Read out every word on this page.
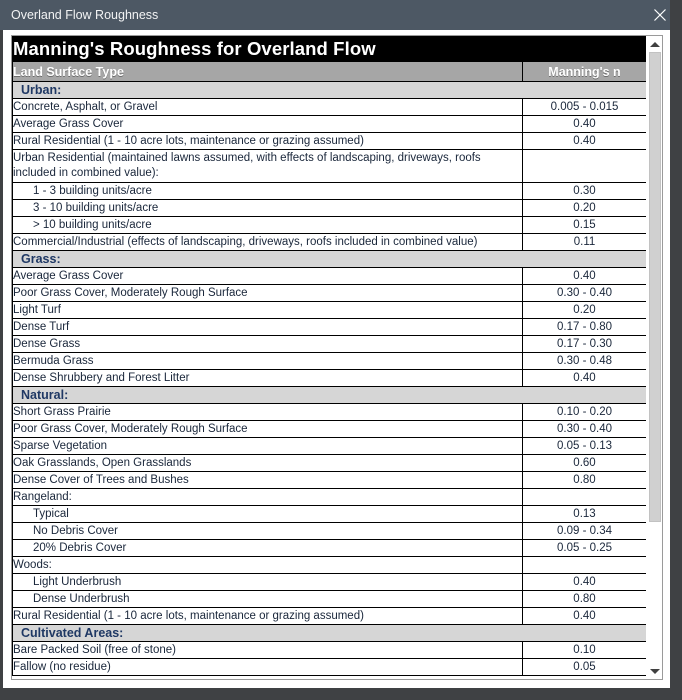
Overland Flow Roughness
Manning's Roughness for Overland Flow	
Land Surface Type	Manning's n
Urban:	
Concrete, Asphalt, or Gravel	0.005 - 0.015
Average Grass Cover	0.40
Rural Residential (1 - 10 acre lots, maintenance or grazing assumed)	0.40
Urban Residential (maintained lawns assumed, with effects of landscaping, driveways, roofs included in combined value):	
1 - 3 building units/acre	0.30
3 - 10 building units/acre	0.20
> 10 building units/acre	0.15
Commercial/Industrial (effects of landscaping, driveways, roofs included in combined value)	0.11
Grass:	
Average Grass Cover	0.40
Poor Grass Cover, Moderately Rough Surface	0.30 - 0.40
Light Turf	0.20
Dense Turf	0.17 - 0.80
Dense Grass	0.17 - 0.30
Bermuda Grass	0.30 - 0.48
Dense Shrubbery and Forest Litter	0.40
Natural:	
Short Grass Prairie	0.10 - 0.20
Poor Grass Cover, Moderately Rough Surface	0.30 - 0.40
Sparse Vegetation	0.05 - 0.13
Oak Grasslands, Open Grasslands	0.60
Dense Cover of Trees and Bushes	0.80
Rangeland:	
Typical	0.13
No Debris Cover	0.09 - 0.34
20% Debris Cover	0.05 - 0.25
Woods:	
Light Underbrush	0.40
Dense Underbrush	0.80
Rural Residential (1 - 10 acre lots, maintenance or grazing assumed)	0.40
Cultivated Areas:	
Bare Packed Soil (free of stone)	0.10
Fallow (no residue)	0.05
